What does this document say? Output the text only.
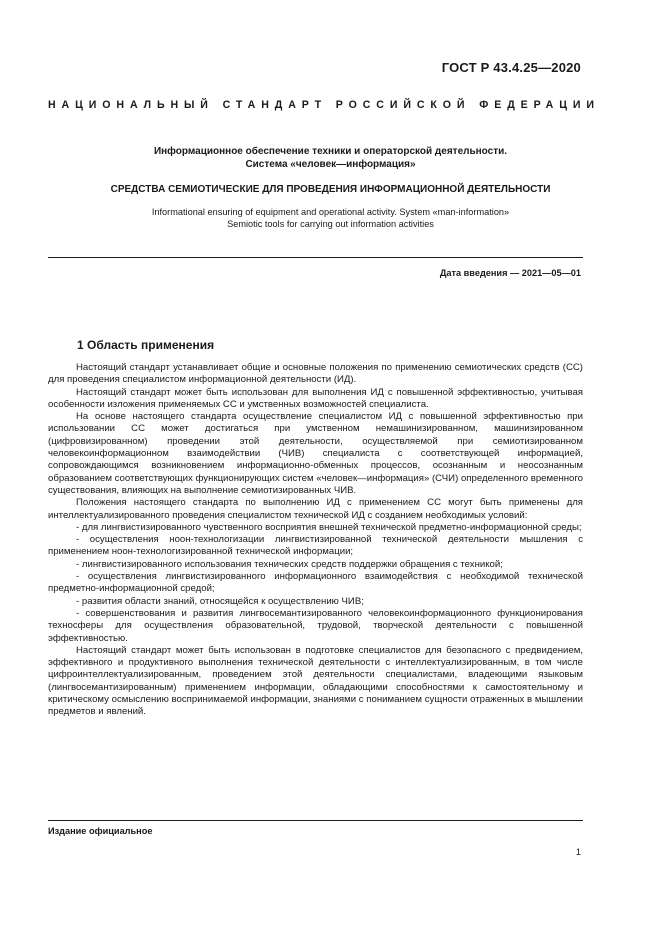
ГОСТ Р 43.4.25—2020
НАЦИОНАЛЬНЫЙ СТАНДАРТ РОССИЙСКОЙ ФЕДЕРАЦИИ
Информационное обеспечение техники и операторской деятельности.
Система «человек—информация»
СРЕДСТВА СЕМИОТИЧЕСКИЕ ДЛЯ ПРОВЕДЕНИЯ ИНФОРМАЦИОННОЙ ДЕЯТЕЛЬНОСТИ
Informational ensuring of equipment and operational activity. System «man-information»
Semiotic tools for carrying out information activities
Дата введения — 2021—05—01
1 Область применения

Настоящий стандарт устанавливает общие и основные положения по применению семиотических средств (СС) для проведения специалистом информационной деятельности (ИД).

Настоящий стандарт может быть использован для выполнения ИД с повышенной эффективностью, учитывая особенности изложения применяемых СС и умственных возможностей специалиста.

На основе настоящего стандарта осуществление специалистом ИД с повышенной эффективностью при использовании СС может достигаться при умственном немашинизированном, машинизированном (цифровизированном) проведении этой деятельности, осуществляемой при семиотизированном человекоинформационном взаимодействии (ЧИВ) специалиста с соответствующей информацией, сопровождающимся возникновением информационно-обменных процессов, осознанным и неосознанным образованием соответствующих функционирующих систем «человек—информация» (СЧИ) определенного временного существования, влияющих на выполнение семиотизированных ЧИВ.

Положения настоящего стандарта по выполнению ИД с применением СС могут быть применены для интеллектуализированного проведения специалистом технической ИД с созданием необходимых условий:

- для лингвистизированного чувственного восприятия внешней технической предметно-информационной среды;

- осуществления ноон-технологизации лингвистизированной технической деятельности мышления с применением ноон-технологизированной технической информации;

- лингвистизированного использования технических средств поддержки обращения с техникой;

- осуществления лингвистизированного информационного взаимодействия с необходимой технической предметно-информационной средой;

- развития области знаний, относящейся к осуществлению ЧИВ;

- совершенствования и развития лингвосемантизированного человекоинформационного функционирования техносферы для осуществления образовательной, трудовой, творческой деятельности с повышенной эффективностью.

Настоящий стандарт может быть использован в подготовке специалистов для безопасного с предвидением, эффективного и продуктивного выполнения технической деятельности с интеллектуализированным, в том числе цифроинтеллектуализированным, проведением этой деятельности специалистами, владеющими языковым (лингвосемантизированным) применением информации, обладающими способностями к самостоятельному и критическому осмыслению воспринимаемой информации, знаниями с пониманием сущности отраженных в мышлении предметов и явлений.

Издание официальное
1
